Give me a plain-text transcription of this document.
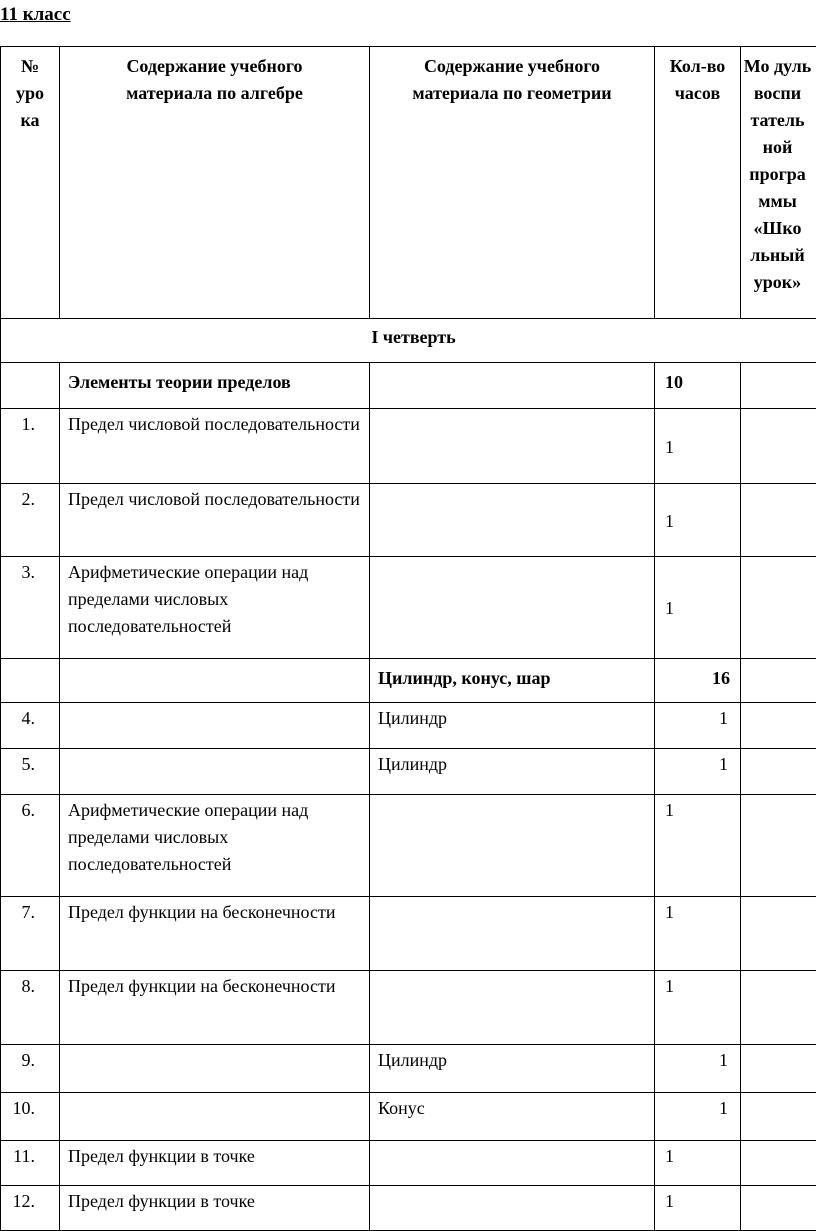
11 класс
№ уро ка	Содержание учебного материала по алгебре	Содержание учебного материала по геометрии	Кол-во часов	Мо дуль воспи татель ной програ ммы «Шко льный урок»
I четверть				
	Элементы теории пределов		10	
1.	Предел числовой последовательности		1	
2.	Предел числовой последовательности		1	
3.	Арифметические операции над пределами числовых последовательностей		1	
		Цилиндр, конус, шар	16	
4.		Цилиндр	1	
5.		Цилиндр	1	
6.	Арифметические операции над пределами числовых последовательностей		1	
7.	Предел функции на бесконечности		1	
8.	Предел функции на бесконечности		1	
9.		Цилиндр	1	
10.		Конус	1	
11.	Предел функции в точке		1	
12.	Предел функции в точке		1	
